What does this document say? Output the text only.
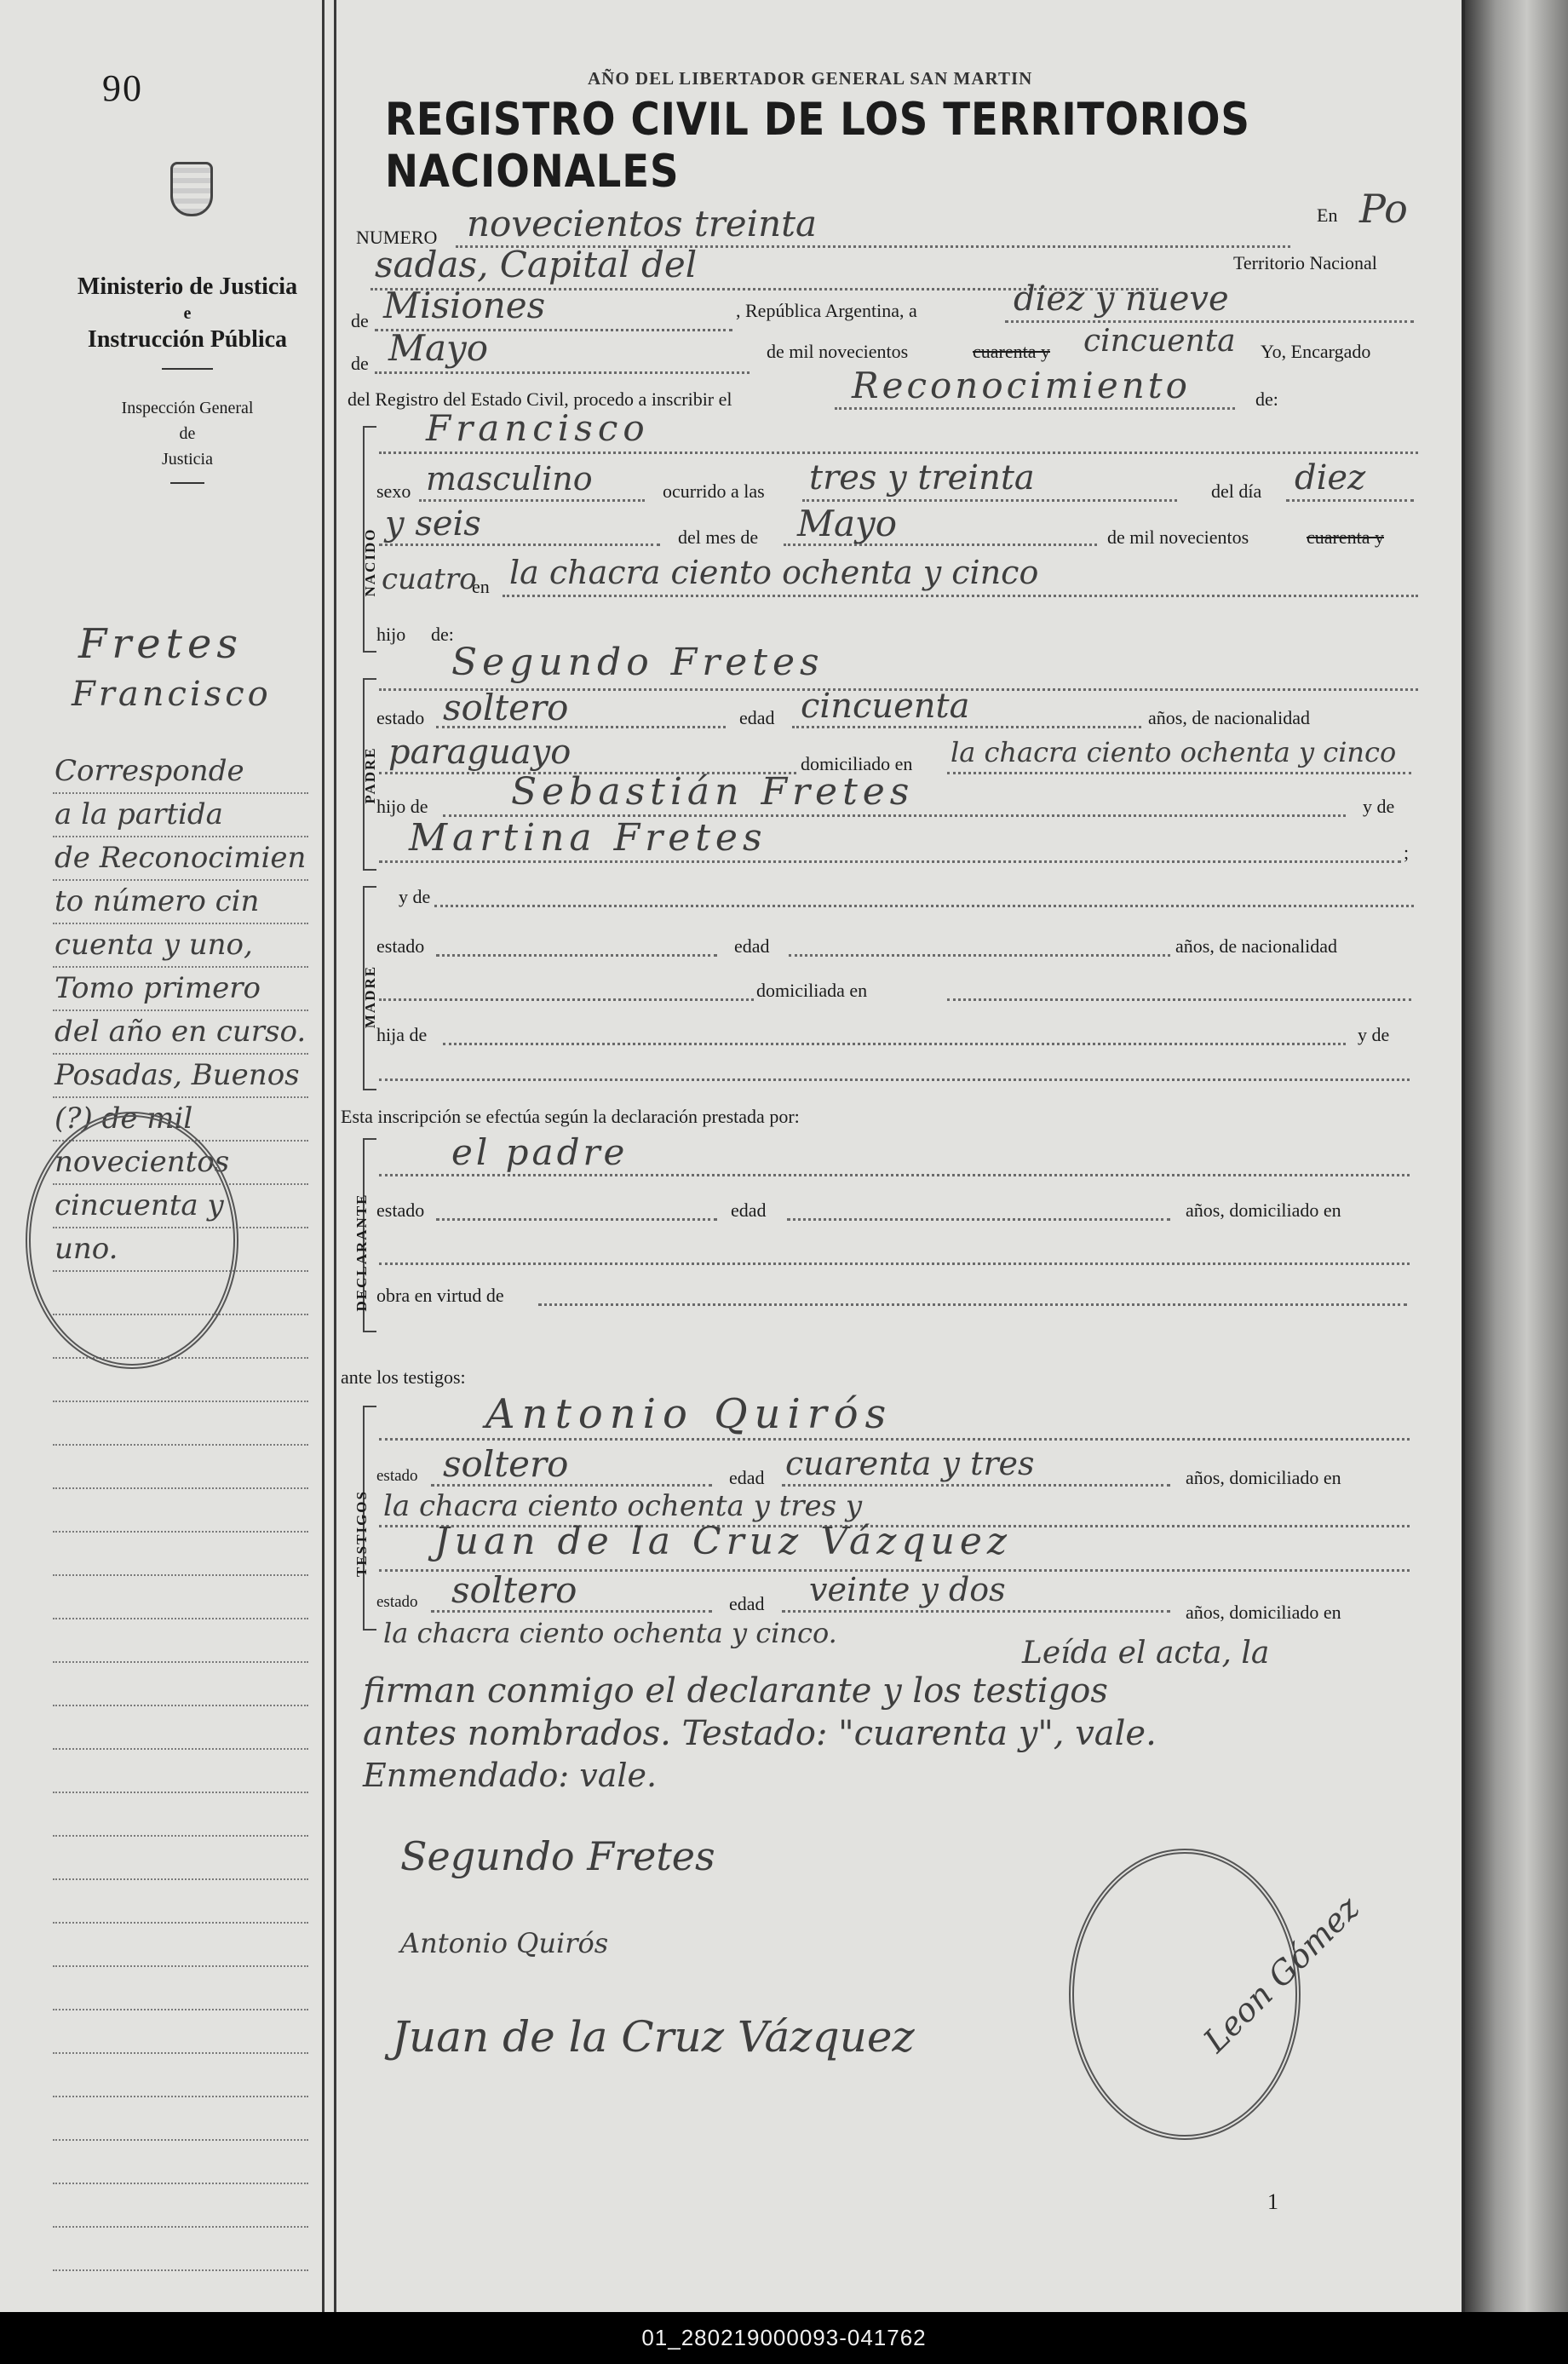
90
Ministerio de Justicia
e
Instrucción Pública
Inspección General
de
Justicia
Fretes
Francisco
Corresponde
a la partida
de Reconocimien
to número cin
cuenta y uno,
Tomo primero
del año en curso.
Posadas, Buenos
(?) de mil
novecientos
cincuenta y
uno.
AÑO DEL LIBERTADOR GENERAL SAN MARTIN
REGISTRO CIVIL DE LOS TERRITORIOS NACIONALES
NUMERO novecientos treinta	En Po
sadas, Capital del	Territorio Nacional
de Misiones	, República Argentina, a	diez y nueve
de Mayo	de mil novecientos	cuarenta y cincuenta Yo, Encargado
del Registro del Estado Civil, procedo a inscribir el	Reconocimiento	de:
NACIDO
Francisco
sexo masculino	ocurrido a las tres y treinta	del día diez
y seis	del mes de Mayo	de mil novecientos	cuarenta y
cuatro
en la chacra ciento ochenta y cinco
hijo de:
PADRE
Segundo Fretes
estado soltero	edad cincuenta	años, de nacionalidad
paraguayo	domiciliado en la chacra ciento ochenta y cinco
hijo de Sebastián Fretes	y de
Martina Fretes	;
MADRE
y de
estado	edad	años, de nacionalidad
domiciliada en
hija de	y de
Esta inscripción se efectúa según la declaración prestada por:
DECLARANTE
el padre
estado	edad	años, domiciliado en
obra en virtud de
ante los testigos:
TESTIGOS
Antonio Quirós
estado soltero	edad cuarenta y tres	años, domiciliado en
la chacra ciento ochenta y tres y
Juan de la Cruz Vázquez
estado soltero	edad veinte y dos
años, domiciliado en
la chacra ciento ochenta y cinco.
Leída el acta, la
firman conmigo el declarante y los testigos
antes nombrados. Testado: "cuarenta y", vale.
Enmendado: vale.
Segundo Fretes
Antonio Quirós
Juan de la Cruz Vázquez	Leon Gómez
1
01_280219000093-041762
